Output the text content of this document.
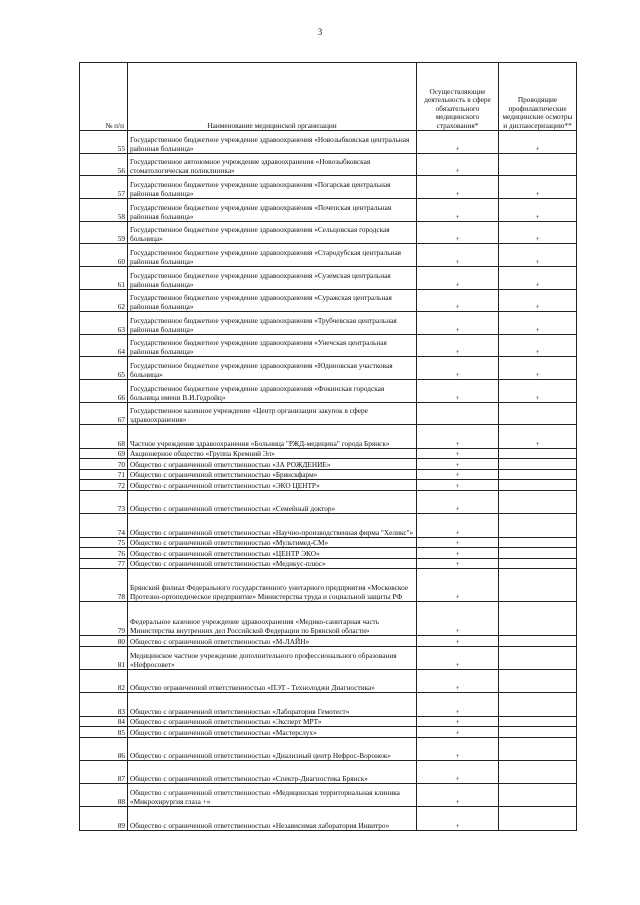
3
№ п/п	Наименование медицинской организации	Осуществляющие деятельность в сфере обязательного медицинского страхования*	Проводящие профилактические медицинские осмотры и диспансеризацию**
55	Государственное бюджетное учреждение здравоохранения «Новозыбковская центральная районная больница»	+	+
56	Государственное автономное учреждение здравоохранения «Новозыбковская стоматологическая поликлиника»	+	
57	Государственное бюджетное учреждение здравоохранения «Погарская центральная районная больница»	+	+
58	Государственное бюджетное учреждение здравоохранения «Почепская центральная районная больница»	+	+
59	Государственное бюджетное учреждение здравоохранения «Сельцовская городская больница»	+	+
60	Государственное бюджетное учреждение здравоохранения «Стародубская центральная районная больница»	+	+
61	Государственное бюджетное учреждение здравоохранения «Суземская центральная районная больница»	+	+
62	Государственное бюджетное учреждение здравоохранения «Суражская центральная районная больница»	+	+
63	Государственное бюджетное учреждение здравоохранения «Трубчевская центральная районная больница»	+	+
64	Государственное бюджетное учреждение здравоохранения «Унечская центральная районная больница»	+	+
65	Государственное бюджетное учреждение здравоохранения «Юдиновская участковая больница»	+	+
66	Государственное бюджетное учреждение здравоохранения «Фокинская городская больница имени В.И.Гедройц»	+	+
67	Государственное казенное учреждение «Центр организации закупок в сфере здравоохранения»		
68	Частное учреждение здравоохранения «Больница "РЖД-медицина" города Брянск»	+	+
69	Акционерное общество «Группа Кремний Эл»	+	
70	Общество с ограниченной ответственностью «ЗА РОЖДЕНИЕ»	+	
71	Общество с ограниченной ответственностью «Брянскфарм»	+	
72	Общество с ограниченной ответственностью «ЭКО ЦЕНТР»	+	
73	Общество с ограниченной ответственностью «Семейный доктор»	+	
74	Общество с ограниченной ответственностью «Научно-производственная фирма "Хеликс"»	+	
75	Общество с ограниченной ответственностью «Мультимед-СМ»	+	
76	Общество с ограниченной ответственностью «ЦЕНТР ЭКО»	+	
77	Общество с ограниченной ответственностью «Медикус-плюс»	+	
78	Брянский филиал Федерального государственного унитарного предприятия «Московское Протезно-ортопедическое предприятие» Министерства труда и социальной защиты РФ	+	
79	Федеральное казенное учреждение здравоохранения «Медико-санитарная часть Министерства внутренних дел Российской Федерации по Брянской области»	+	
80	Общество с ограниченной ответственностью «М-ЛАЙН»	+	
81	Медицинское частное учреждение дополнительного профессионального образования «Нефросовет»	+	
82	Общество ограниченной ответственностью «ПЭТ - Технолоджи Диагностика»	+	
83	Общество с ограниченной ответственностью «Лаборатория Гемотест»	+	
84	Общество с ограниченной ответственностью «Эксперт МРТ»	+	
85	Общество с ограниченной ответственностью «Мастерслух»	+	
86	Общество с ограниченной ответственностью «Диализный центр Нефрос-Воронеж»	+	
87	Общество с ограниченной ответственностью «Спектр-Диагностика Брянск»	+	
88	Общество с ограниченной ответственностью «Медицинская территориальная клиника «Микрохирургия глаза +»	+	
89	Общество с ограниченной ответственностью «Независимая лаборатория Инвитро»	+	
